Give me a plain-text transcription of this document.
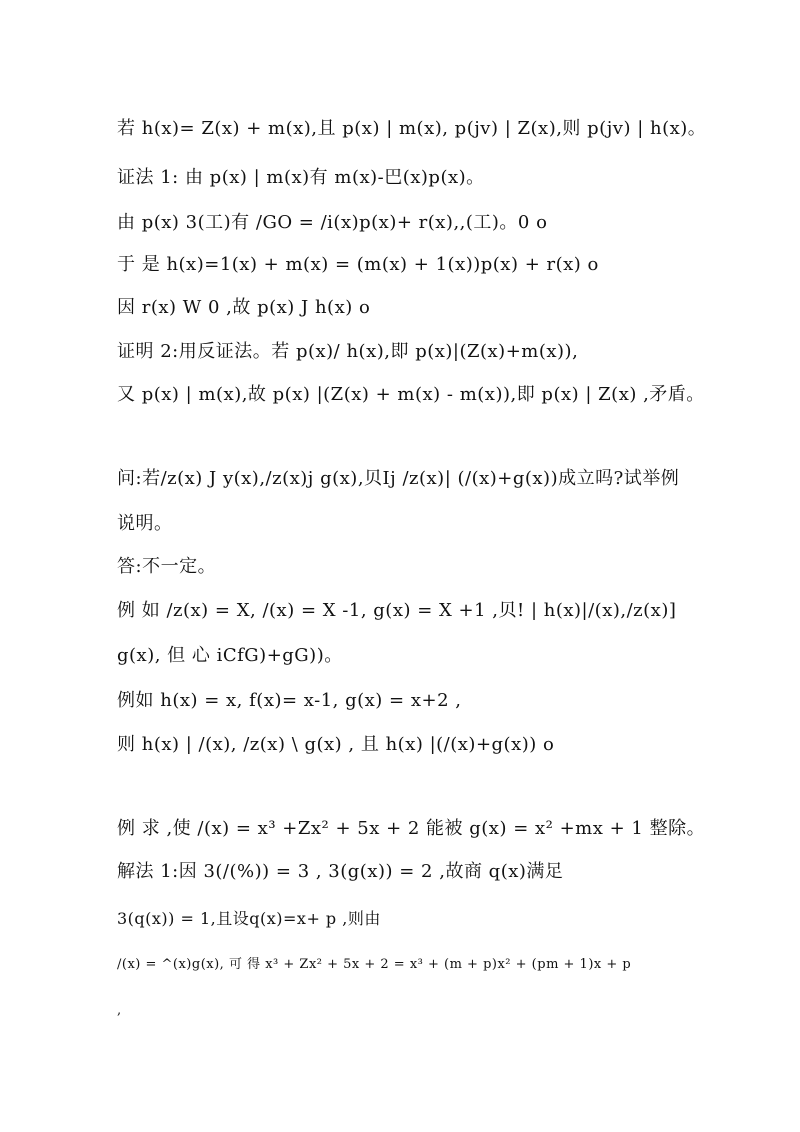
若 h(x)= Z(x) + m(x),且 p(x) | m(x), p(jv) | Z(x),则 p(jv) | h(x)。
证法 1: 由 p(x) | m(x)有 m(x)-巴(x)p(x)。
由 p(x) 3(工)有 /GO = /i(x)p(x)+ r(x),,(工)。0 o
于 是 h(x)=1(x) + m(x) = (m(x) + 1(x))p(x) + r(x) o
因 r(x) W 0 ,故 p(x) J h(x) o
证明 2:用反证法。若 p(x)/ h(x),即 p(x)|(Z(x)+m(x)),
又 p(x) | m(x),故 p(x) |(Z(x) + m(x) - m(x)),即 p(x) | Z(x) ,矛盾。
问:若/z(x) J y(x),/z(x)j g(x),贝Ij /z(x)| (/(x)+g(x))成立吗?试举例
说明。
答:不一定。
例 如 /z(x) = X, /(x) = X -1, g(x) = X +1 ,贝! | h(x)|/(x),/z(x)]
g(x), 但 心 iCfG)+gG))。
例如 h(x) = x, f(x)= x-1, g(x) = x+2 ,
则 h(x) | /(x), /z(x) \ g(x) , 且 h(x) |(/(x)+g(x)) o
例 求 ,使 /(x) = x³ +Zx² + 5x + 2 能被 g(x) = x² +mx + 1 整除。
解法 1:因 3(/(%)) = 3 , 3(g(x)) = 2 ,故商 q(x)满足
3(q(x)) = 1,且设q(x)=x+ p ,则由
/(x) = ^(x)g(x), 可 得 x³ + Zx² + 5x + 2 = x³ + (m + p)x² + (pm + 1)x + p
,
